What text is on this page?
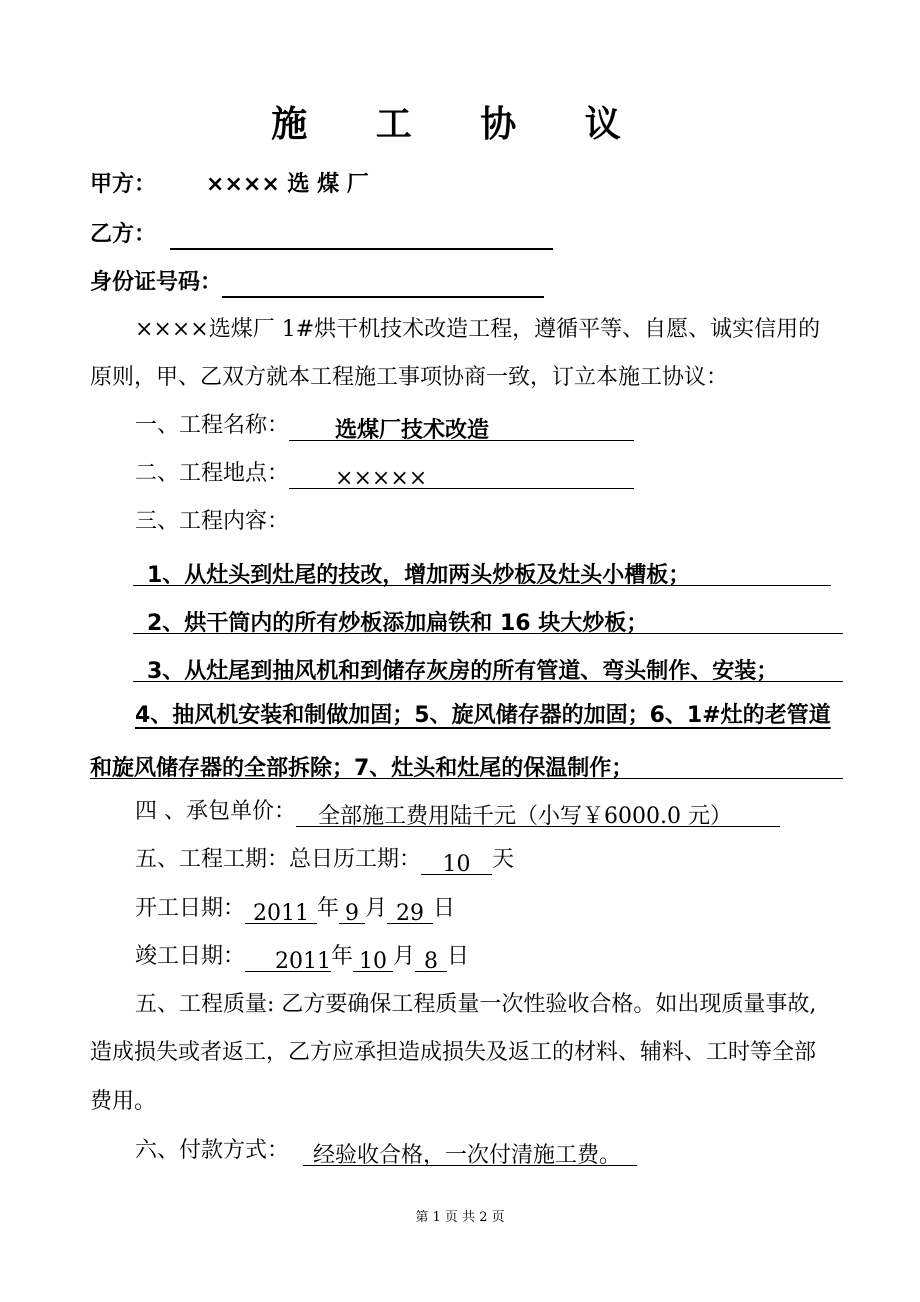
施 工 协 议
甲方： ×××× 选 煤 厂
乙方：
身份证号码：
××××选煤厂 1#烘干机技术改造工程，遵循平等、自愿、诚实信用的
原则，甲、乙双方就本工程施工事项协商一致，订立本施工协议：
一、工程名称： 选煤厂技术改造
二、工程地点： ×××××
三、工程内容：
1、从灶头到灶尾的技改，增加两头炒板及灶头小槽板；
2、烘干筒内的所有炒板添加扁铁和 16 块大炒板；
3、从灶尾到抽风机和到储存灰房的所有管道、弯头制作、安装；
4、抽风机安装和制做加固；5、旋风储存器的加固；6、1#灶的老管道
和旋风储存器的全部拆除；7、灶头和灶尾的保温制作；
四 、承包单价： 全部施工费用陆千元（小写￥6000.0 元）
五、工程工期：总日历工期： 10 天
开工日期： 2011 年 9 月 29 日
竣工日期： 2011年 10 月 8 日
五、工程质量: 乙方要确保工程质量一次性验收合格。如出现质量事故,
造成损失或者返工，乙方应承担造成损失及返工的材料、辅料、工时等全部
费用。
六、付款方式： 经验收合格，一次付清施工费。
第 1 页 共 2 页
